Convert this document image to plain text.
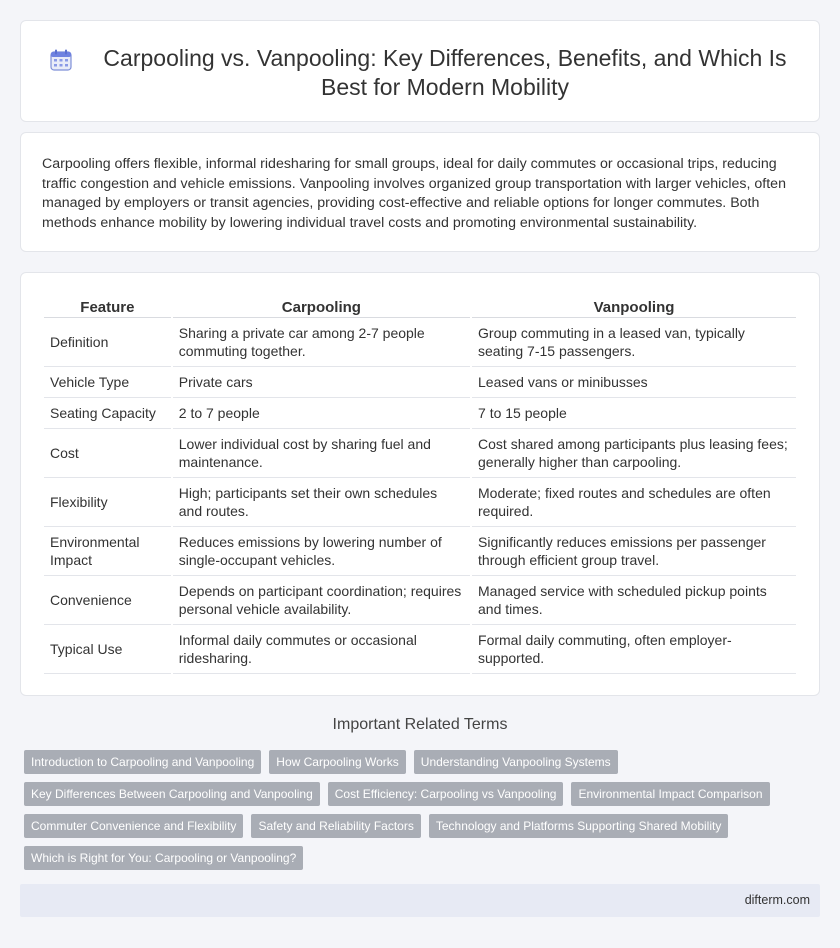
Carpooling vs. Vanpooling: Key Differences, Benefits, and Which Is Best for Modern Mobility

Carpooling offers flexible, informal ridesharing for small groups, ideal for daily commutes or occasional trips, reducing traffic congestion and vehicle emissions. Vanpooling involves organized group transportation with larger vehicles, often managed by employers or transit agencies, providing cost-effective and reliable options for longer commutes. Both methods enhance mobility by lowering individual travel costs and promoting environmental sustainability.

Feature	Carpooling	Vanpooling
Definition	Sharing a private car among 2-7 people commuting together.	Group commuting in a leased van, typically seating 7-15 passengers.
Vehicle Type	Private cars	Leased vans or minibusses
Seating Capacity	2 to 7 people	7 to 15 people
Cost	Lower individual cost by sharing fuel and maintenance.	Cost shared among participants plus leasing fees; generally higher than carpooling.
Flexibility	High; participants set their own schedules and routes.	Moderate; fixed routes and schedules are often required.
Environmental Impact	Reduces emissions by lowering number of single-occupant vehicles.	Significantly reduces emissions per passenger through efficient group travel.
Convenience	Depends on participant coordination; requires personal vehicle availability.	Managed service with scheduled pickup points and times.
Typical Use	Informal daily commutes or occasional ridesharing.	Formal daily commuting, often employer-supported.
Important Related Terms
Introduction to Carpooling and Vanpooling	How Carpooling Works	Understanding Vanpooling Systems
Key Differences Between Carpooling and Vanpooling	Cost Efficiency: Carpooling vs Vanpooling	Environmental Impact Comparison
Commuter Convenience and Flexibility	Safety and Reliability Factors	Technology and Platforms Supporting Shared Mobility
Which is Right for You: Carpooling or Vanpooling?
difterm.com
